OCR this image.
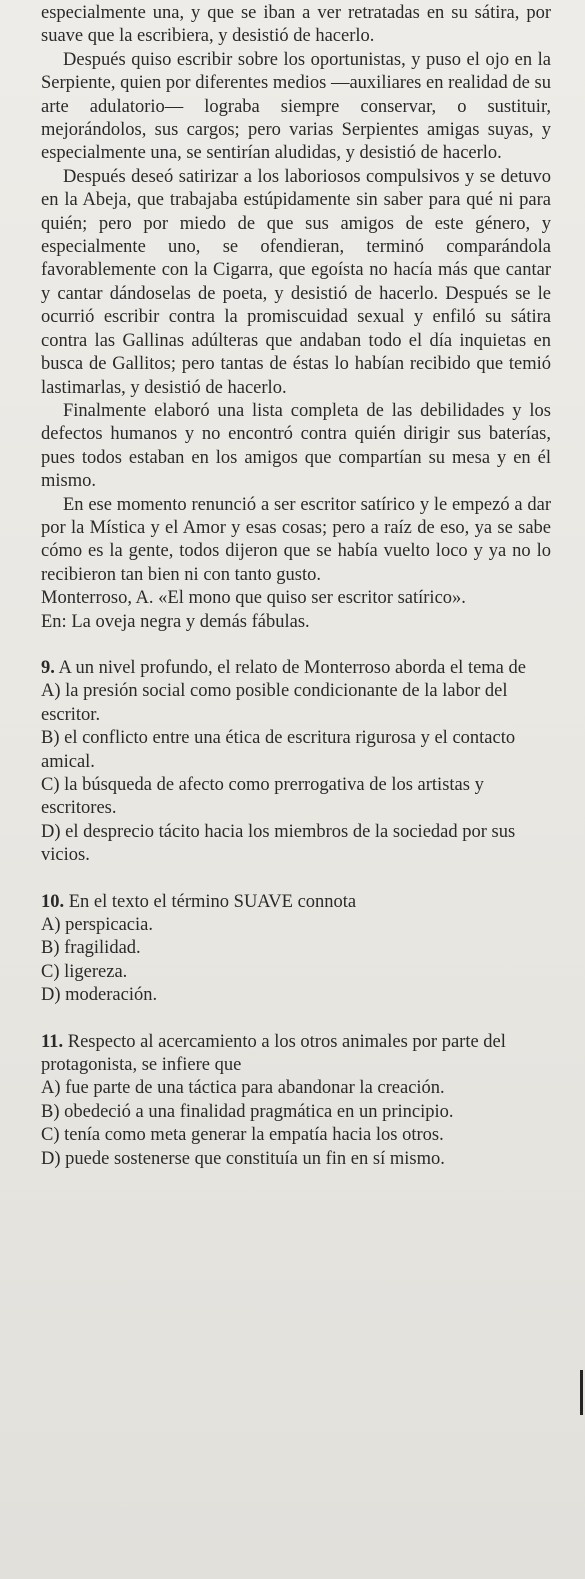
especialmente una, y que se iban a ver retratadas en su sátira, por suave que la escribiera, y desistió de hacerlo.

Después quiso escribir sobre los oportunistas, y puso el ojo en la Serpiente, quien por diferentes medios —auxiliares en realidad de su arte adulatorio— lograba siempre conservar, o sustituir, mejorándolos, sus cargos; pero varias Serpientes amigas suyas, y especialmente una, se sentirían aludidas, y desistió de hacerlo.

Después deseó satirizar a los laboriosos compulsivos y se detuvo en la Abeja, que trabajaba estúpidamente sin saber para qué ni para quién; pero por miedo de que sus amigos de este género, y especialmente uno, se ofendieran, terminó comparándola favorablemente con la Cigarra, que egoísta no hacía más que cantar y cantar dándoselas de poeta, y desistió de hacerlo. Después se le ocurrió escribir contra la promiscuidad sexual y enfiló su sátira contra las Gallinas adúlteras que andaban todo el día inquietas en busca de Gallitos; pero tantas de éstas lo habían recibido que temió lastimarlas, y desistió de hacerlo.

Finalmente elaboró una lista completa de las debilidades y los defectos humanos y no encontró contra quién dirigir sus baterías, pues todos estaban en los amigos que compartían su mesa y en él mismo.

En ese momento renunció a ser escritor satírico y le empezó a dar por la Mística y el Amor y esas cosas; pero a raíz de eso, ya se sabe cómo es la gente, todos dijeron que se había vuelto loco y ya no lo recibieron tan bien ni con tanto gusto.

Monterroso, A. «El mono que quiso ser escritor satírico».

En: La oveja negra y demás fábulas.

9. A un nivel profundo, el relato de Monterroso aborda el tema de

A) la presión social como posible condicionante de la labor del escritor.

B) el conflicto entre una ética de escritura rigurosa y el contacto amical.

C) la búsqueda de afecto como prerrogativa de los artistas y escritores.

D) el desprecio tácito hacia los miembros de la sociedad por sus vicios.

10. En el texto el término SUAVE connota

A) perspicacia.

B) fragilidad.

C) ligereza.

D) moderación.

11. Respecto al acercamiento a los otros animales por parte del protagonista, se infiere que

A) fue parte de una táctica para abandonar la creación.

B) obedeció a una finalidad pragmática en un principio.

C) tenía como meta generar la empatía hacia los otros.

D) puede sostenerse que constituía un fin en sí mismo.
